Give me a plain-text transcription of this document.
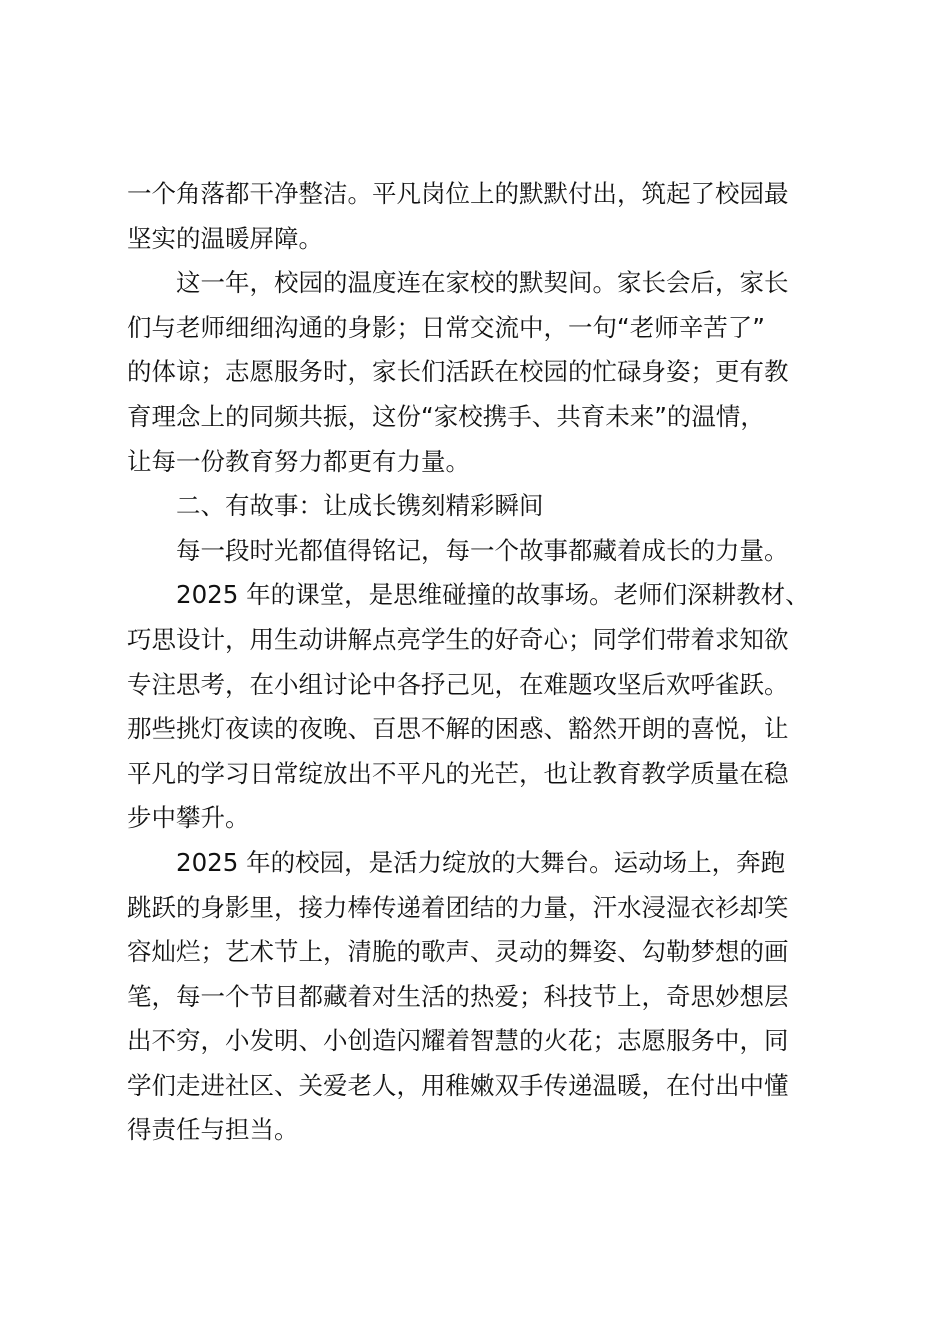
一个角落都干净整洁。平凡岗位上的默默付出，筑起了校园最
坚实的温暖屏障。
这一年，校园的温度连在家校的默契间。家长会后，家长
们与老师细细沟通的身影；日常交流中，一句“老师辛苦了”
的体谅；志愿服务时，家长们活跃在校园的忙碌身姿；更有教
育理念上的同频共振，这份“家校携手、共育未来”的温情，
让每一份教育努力都更有力量。
二、有故事：让成长镌刻精彩瞬间
每一段时光都值得铭记，每一个故事都藏着成长的力量。
2025 年的课堂，是思维碰撞的故事场。老师们深耕教材、
巧思设计，用生动讲解点亮学生的好奇心；同学们带着求知欲
专注思考，在小组讨论中各抒己见，在难题攻坚后欢呼雀跃。
那些挑灯夜读的夜晚、百思不解的困惑、豁然开朗的喜悦，让
平凡的学习日常绽放出不平凡的光芒，也让教育教学质量在稳
步中攀升。
2025 年的校园，是活力绽放的大舞台。运动场上，奔跑
跳跃的身影里，接力棒传递着团结的力量，汗水浸湿衣衫却笑
容灿烂；艺术节上，清脆的歌声、灵动的舞姿、勾勒梦想的画
笔，每一个节目都藏着对生活的热爱；科技节上，奇思妙想层
出不穷，小发明、小创造闪耀着智慧的火花；志愿服务中，同
学们走进社区、关爱老人，用稚嫩双手传递温暖，在付出中懂
得责任与担当。
